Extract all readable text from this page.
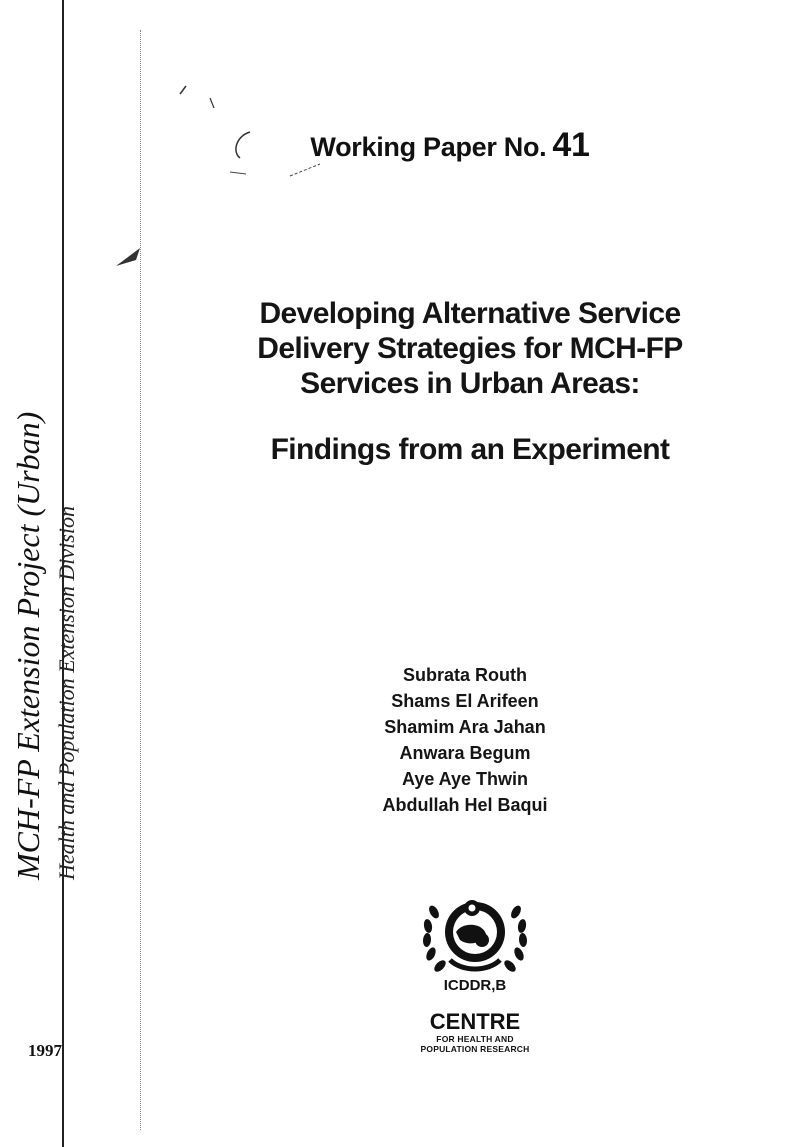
MCH-FP Extension Project (Urban) Health and Population Extension Division
1997
Working Paper No. 41
Developing Alternative Service
Delivery Strategies for MCH-FP
Services in Urban Areas:
Findings from an Experiment
Subrata Routh
Shams El Arifeen
Shamim Ara Jahan
Anwara Begum
Aye Aye Thwin
Abdullah Hel Baqui
ICDDR,B
CENTRE
FOR HEALTH AND
POPULATION RESEARCH
